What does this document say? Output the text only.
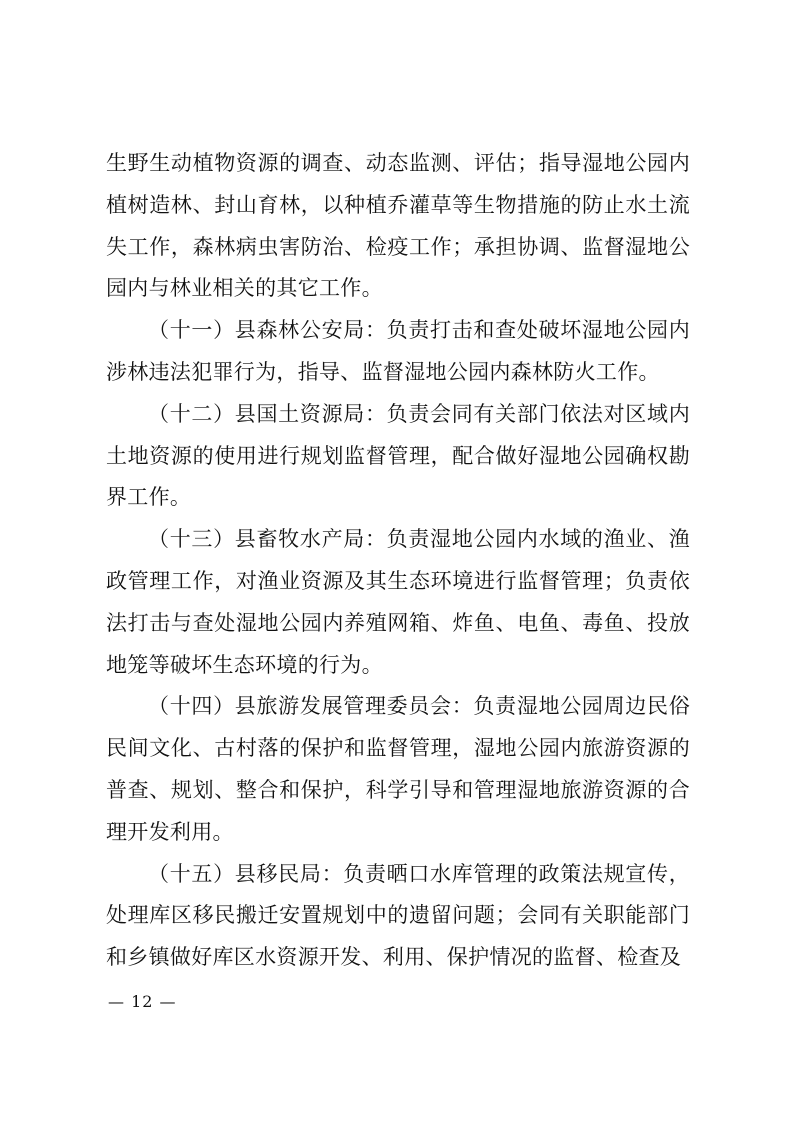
生野生动植物资源的调查、动态监测、评估；指导湿地公园内植树造林、封山育林，以种植乔灌草等生物措施的防止水土流失工作，森林病虫害防治、检疫工作；承担协调、监督湿地公园内与林业相关的其它工作。

（十一）县森林公安局：负责打击和查处破坏湿地公园内涉林违法犯罪行为，指导、监督湿地公园内森林防火工作。

（十二）县国土资源局：负责会同有关部门依法对区域内土地资源的使用进行规划监督管理，配合做好湿地公园确权勘界工作。

（十三）县畜牧水产局：负责湿地公园内水域的渔业、渔政管理工作，对渔业资源及其生态环境进行监督管理；负责依法打击与查处湿地公园内养殖网箱、炸鱼、电鱼、毒鱼、投放地笼等破坏生态环境的行为。

（十四）县旅游发展管理委员会：负责湿地公园周边民俗民间文化、古村落的保护和监督管理，湿地公园内旅游资源的普查、规划、整合和保护，科学引导和管理湿地旅游资源的合理开发利用。

（十五）县移民局：负责晒口水库管理的政策法规宣传，处理库区移民搬迁安置规划中的遗留问题；会同有关职能部门和乡镇做好库区水资源开发、利用、保护情况的监督、检查及

— 12 —
